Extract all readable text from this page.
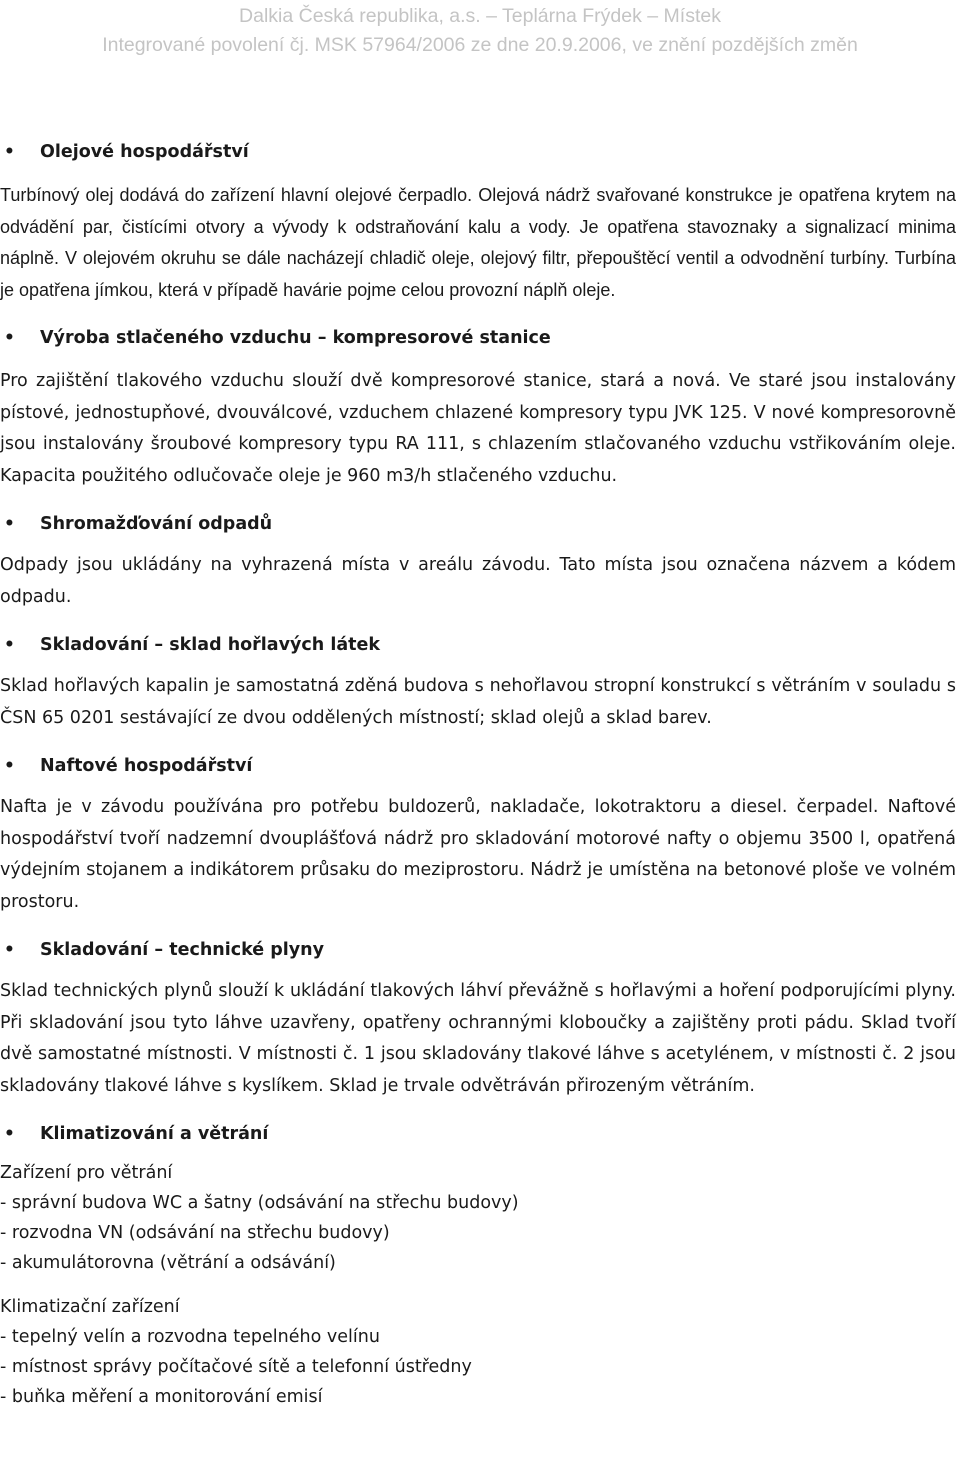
Dalkia Česká republika, a.s. – Teplárna Frýdek – Místek
Integrované povolení čj. MSK 57964/2006 ze dne 20.9.2006, ve znění pozdějších změn
•	Olejové hospodářství

Turbínový olej dodává do zařízení hlavní olejové čerpadlo. Olejová nádrž svařované konstrukce je opatřena krytem na odvádění par, čistícími otvory a vývody k odstraňování kalu a vody. Je opatřena stavoznaky a signalizací minima náplně. V olejovém okruhu se dále nacházejí chladič oleje, olejový filtr, přepouštěcí ventil a odvodnění turbíny. Turbína je opatřena jímkou, která v případě havárie pojme celou provozní náplň oleje.

•	Výroba stlačeného vzduchu – kompresorové stanice

Pro zajištění tlakového vzduchu slouží dvě kompresorové stanice, stará a nová. Ve staré jsou instalovány pístové, jednostupňové, dvouválcové, vzduchem chlazené kompresory typu JVK 125. V nové kompresorovně jsou instalovány šroubové kompresory typu RA 111, s chlazením stlačovaného vzduchu vstřikováním oleje. Kapacita použitého odlučovače oleje je 960 m3/h stlačeného vzduchu.

•	Shromažďování odpadů

Odpady jsou ukládány na vyhrazená místa v areálu závodu. Tato místa jsou označena názvem a kódem odpadu.

•	Skladování – sklad hořlavých látek

Sklad hořlavých kapalin je samostatná zděná budova s nehořlavou stropní konstrukcí s větráním v souladu s ČSN 65 0201 sestávající ze dvou oddělených místností; sklad olejů a sklad barev.

•	Naftové hospodářství

Nafta je v závodu používána pro potřebu buldozerů, nakladače, lokotraktoru a diesel. čerpadel. Naftové hospodářství tvoří nadzemní dvouplášťová nádrž pro skladování motorové nafty o objemu 3500 l, opatřená výdejním stojanem a indikátorem průsaku do meziprostoru. Nádrž je umístěna na betonové ploše ve volném prostoru.

•	Skladování – technické plyny

Sklad technických plynů slouží k ukládání tlakových láhví převážně s hořlavými a hoření podporujícími plyny. Při skladování jsou tyto láhve uzavřeny, opatřeny ochrannými kloboučky a zajištěny proti pádu. Sklad tvoří dvě samostatné místnosti. V místnosti č. 1 jsou skladovány tlakové láhve s acetylénem, v místnosti č. 2 jsou skladovány tlakové láhve s kyslíkem. Sklad je trvale odvětráván přirozeným větráním.

•	Klimatizování a větrání

Zařízení pro větrání

- správní budova WC a šatny (odsávání na střechu budovy)

- rozvodna VN (odsávání na střechu budovy)

- akumulátorovna (větrání a odsávání)

Klimatizační zařízení

- tepelný velín a rozvodna tepelného velínu

- místnost správy počítačové sítě a telefonní ústředny

- buňka měření a monitorování emisí
